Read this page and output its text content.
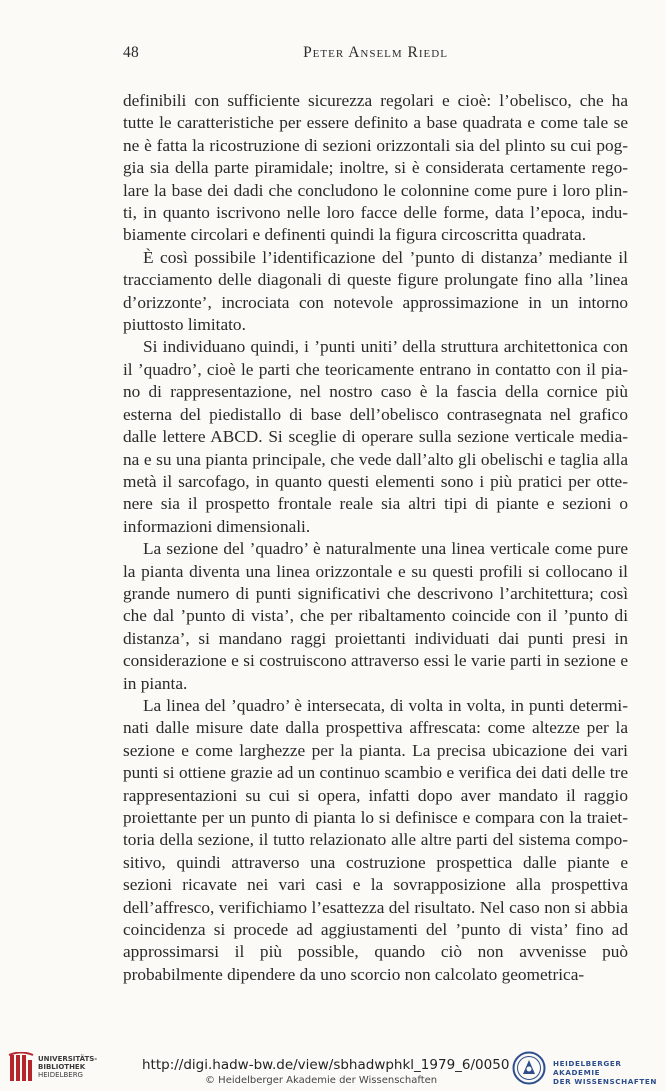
48	Peter Anselm Riedl

definibili con sufficiente sicurezza regolari e cioè: l’obelisco, che ha tutte le caratteristiche per essere definito a base quadrata e come tale se ne è fatta la ricostruzione di sezioni orizzontali sia del plinto su cui pog-gia sia della parte piramidale; inoltre, si è considerata certamente rego-lare la base dei dadi che concludono le colonnine come pure i loro plin-ti, in quanto iscrivono nelle loro facce delle forme, data l’epoca, indu-biamente circolari e definenti quindi la figura circoscritta quadrata.

È così possibile l’identificazione del ’punto di distanza’ mediante il tracciamento delle diagonali di queste figure prolungate fino alla ’linea d’orizzonte’, incrociata con notevole approssimazione in un intorno piuttosto limitato.

Si individuano quindi, i ’punti uniti’ della struttura architettonica con il ’quadro’, cioè le parti che teoricamente entrano in contatto con il pia-no di rappresentazione, nel nostro caso è la fascia della cornice più esterna del piedistallo di base dell’obelisco contrasegnata nel grafico dalle lettere ABCD. Si sceglie di operare sulla sezione verticale media-na e su una pianta principale, che vede dall’alto gli obelischi e taglia alla metà il sarcofago, in quanto questi elementi sono i più pratici per otte-nere sia il prospetto frontale reale sia altri tipi di piante e sezioni o informazioni dimensionali.

La sezione del ’quadro’ è naturalmente una linea verticale come pure la pianta diventa una linea orizzontale e su questi profili si collocano il grande numero di punti significativi che descrivono l’architettura; così che dal ’punto di vista’, che per ribaltamento coincide con il ’punto di distanza’, si mandano raggi proiettanti individuati dai punti presi in considerazione e si costruiscono attraverso essi le varie parti in sezione e in pianta.

La linea del ’quadro’ è intersecata, di volta in volta, in punti determi-nati dalle misure date dalla prospettiva affrescata: come altezze per la sezione e come larghezze per la pianta. La precisa ubicazione dei vari punti si ottiene grazie ad un continuo scambio e verifica dei dati delle tre rappresentazioni su cui si opera, infatti dopo aver mandato il raggio proiettante per un punto di pianta lo si definisce e compara con la traiet-toria della sezione, il tutto relazionato alle altre parti del sistema compo-sitivo, quindi attraverso una costruzione prospettica dalle piante e sezioni ricavate nei vari casi e la sovrapposizione alla prospettiva dell’affresco, verifichiamo l’esattezza del risultato. Nel caso non si abbia coincidenza si procede ad aggiustamenti del ’punto di vista’ fino ad approssimarsi il più possible, quando ciò non avvenisse può probabilmente dipendere da uno scorcio non calcolato geometrica-

UNIVERSITÄTS-
BIBLIOTHEK
HEIDELBERG
http://digi.hadw-bw.de/view/sbhadwphkl_1979_6/0050
© Heidelberger Akademie der Wissenschaften
HEIDELBERGER AKADEMIE
DER WISSENSCHAFTEN
